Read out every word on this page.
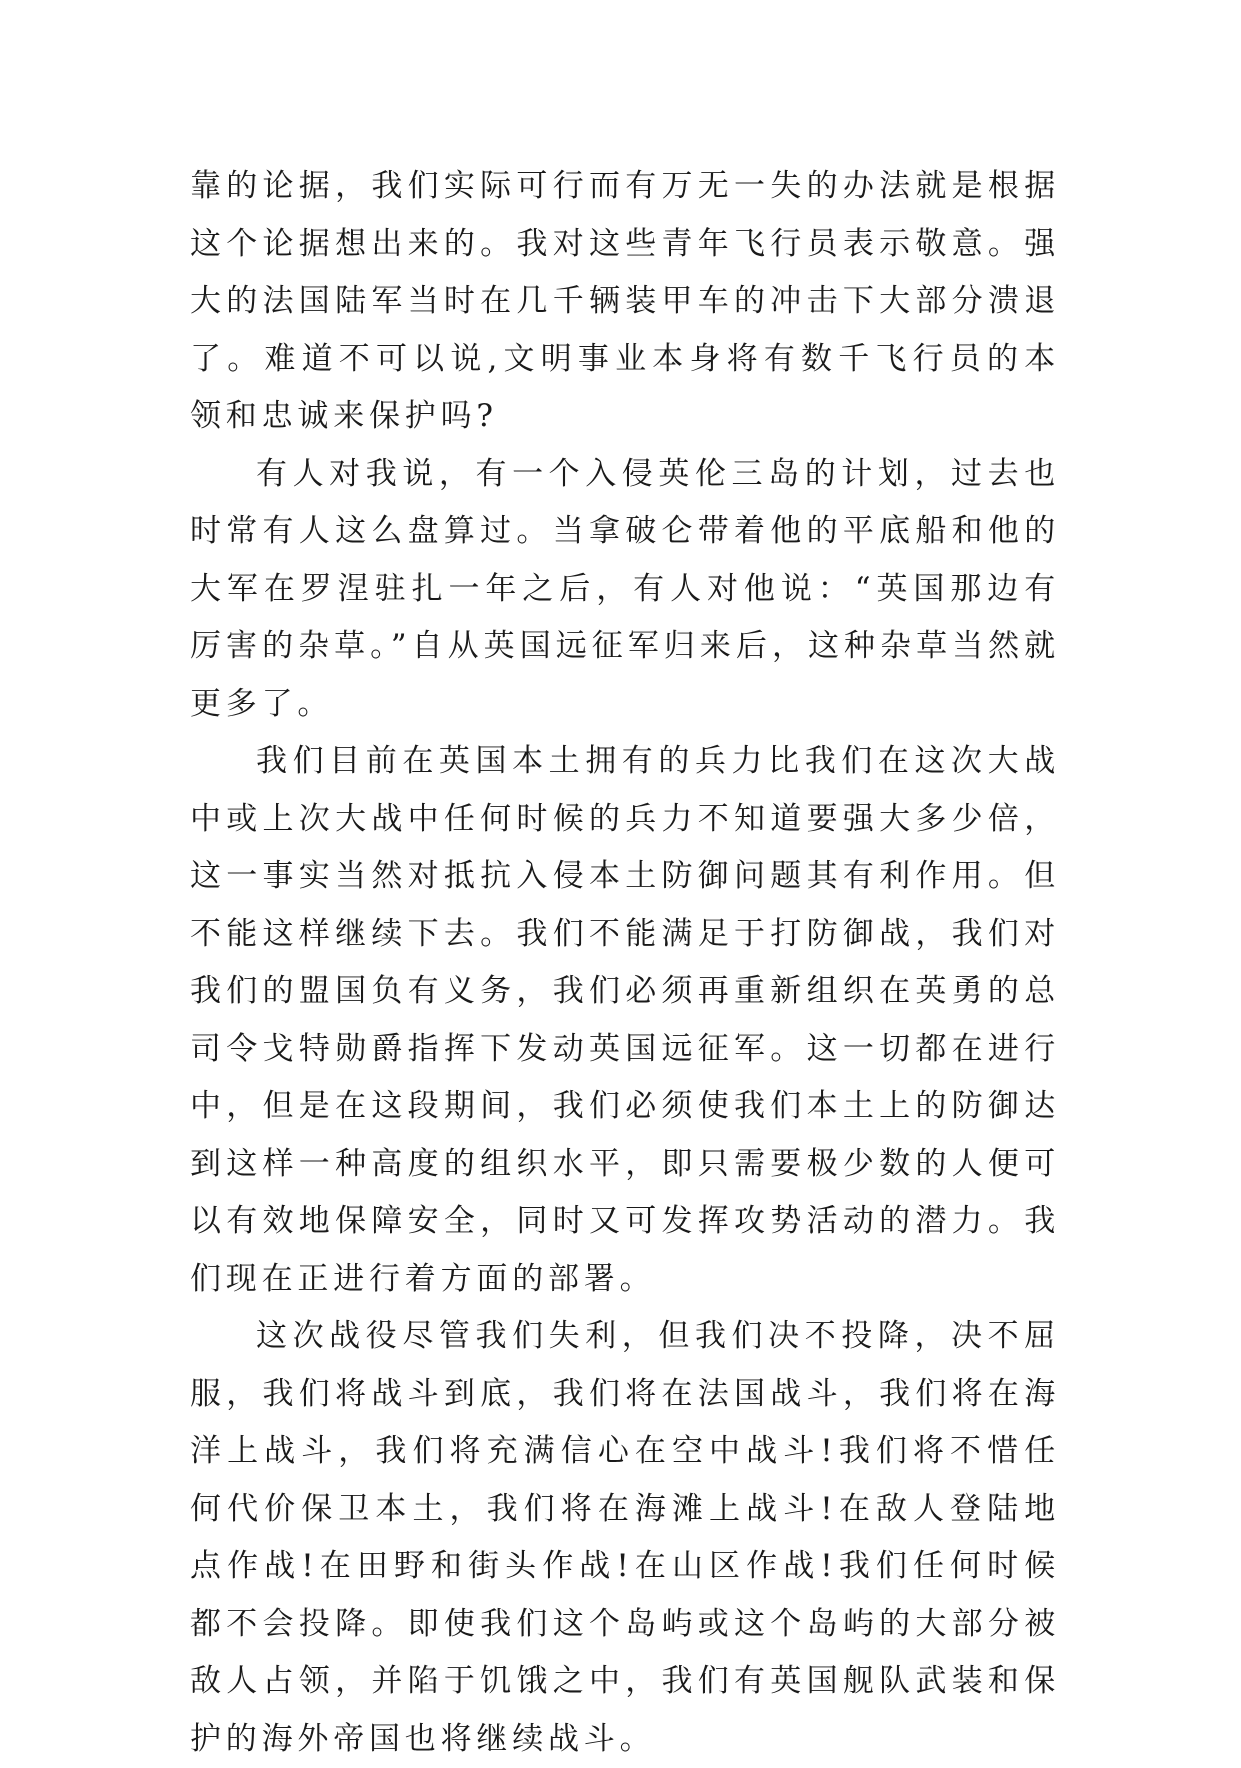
靠的论据，我们实际可行而有万无一失的办法就是根据这个论据想出来的。我对这些青年飞行员表示敬意。强大的法国陆军当时在几千辆装甲车的冲击下大部分溃退了。难道不可以说,文明事业本身将有数千飞行员的本领和忠诚来保护吗?

有人对我说，有一个入侵英伦三岛的计划，过去也时常有人这么盘算过。当拿破仑带着他的平底船和他的大军在罗涅驻扎一年之后，有人对他说：“英国那边有厉害的杂草。”自从英国远征军归来后，这种杂草当然就更多了。

我们目前在英国本土拥有的兵力比我们在这次大战中或上次大战中任何时候的兵力不知道要强大多少倍，这一事实当然对抵抗入侵本土防御问题其有利作用。但不能这样继续下去。我们不能满足于打防御战，我们对我们的盟国负有义务，我们必须再重新组织在英勇的总司令戈特勋爵指挥下发动英国远征军。这一切都在进行中，但是在这段期间，我们必须使我们本土上的防御达到这样一种高度的组织水平，即只需要极少数的人便可以有效地保障安全，同时又可发挥攻势活动的潜力。我们现在正进行着方面的部署。

这次战役尽管我们失利，但我们决不投降，决不屈服，我们将战斗到底，我们将在法国战斗，我们将在海洋上战斗，我们将充满信心在空中战斗!我们将不惜任何代价保卫本土，我们将在海滩上战斗!在敌人登陆地点作战!在田野和街头作战!在山区作战!我们任何时候都不会投降。即使我们这个岛屿或这个岛屿的大部分被敌人占领，并陷于饥饿之中，我们有英国舰队武装和保护的海外帝国也将继续战斗。
